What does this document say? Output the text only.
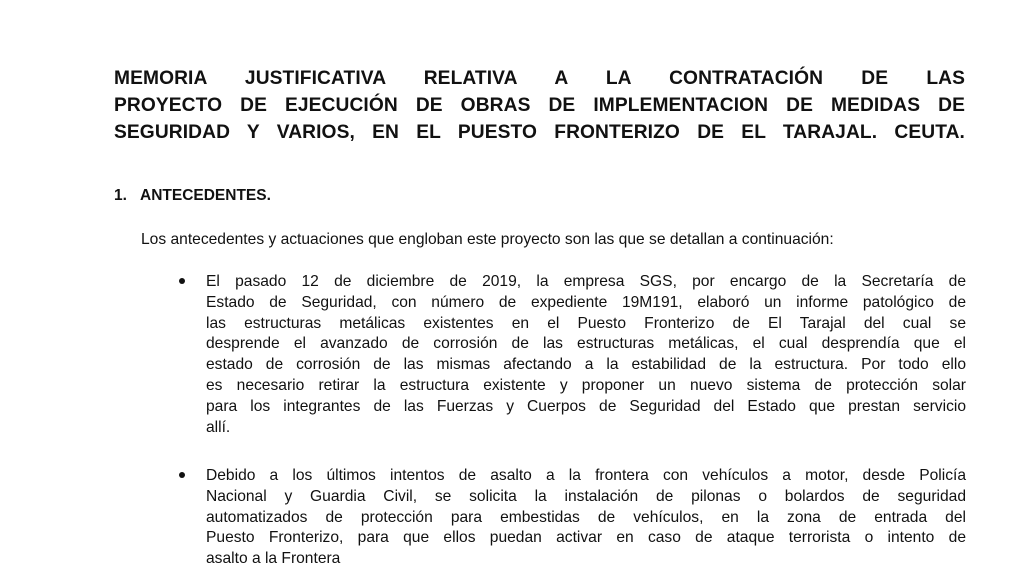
MEMORIA JUSTIFICATIVA RELATIVA A LA CONTRATACIÓN DE LAS
PROYECTO DE EJECUCIÓN DE OBRAS DE IMPLEMENTACION DE MEDIDAS DE
SEGURIDAD Y VARIOS, EN EL PUESTO FRONTERIZO DE EL TARAJAL. CEUTA.
1. ANTECEDENTES.

Los antecedentes y actuaciones que engloban este proyecto son las que se detallan a continuación:

El pasado 12 de diciembre de 2019, la empresa SGS, por encargo de la Secretaría de
Estado de Seguridad, con número de expediente 19M191, elaboró un informe patológico de
las estructuras metálicas existentes en el Puesto Fronterizo de El Tarajal del cual se
desprende el avanzado de corrosión de las estructuras metálicas, el cual desprendía que el
estado de corrosión de las mismas afectando a la estabilidad de la estructura. Por todo ello
es necesario retirar la estructura existente y proponer un nuevo sistema de protección solar
para los integrantes de las Fuerzas y Cuerpos de Seguridad del Estado que prestan servicio
allí.
Debido a los últimos intentos de asalto a la frontera con vehículos a motor, desde Policía
Nacional y Guardia Civil, se solicita la instalación de pilonas o bolardos de seguridad
automatizados de protección para embestidas de vehículos, en la zona de entrada del
Puesto Fronterizo, para que ellos puedan activar en caso de ataque terrorista o intento de
asalto a la Frontera
